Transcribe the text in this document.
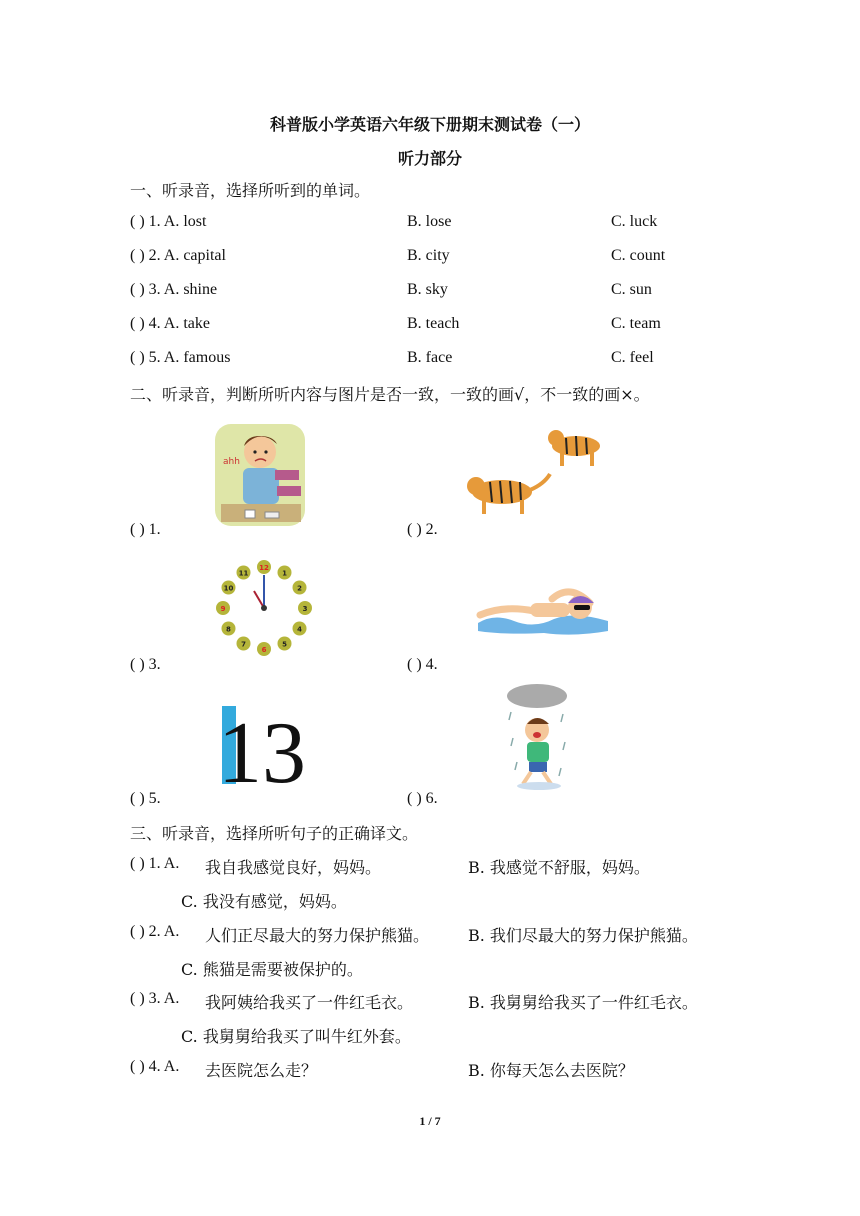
科普版小学英语六年级下册期末测试卷（一）
听力部分
一、听录音，选择所听到的单词。
( ) 1. A. lost	B. lose	C. luck
( ) 2. A. capital	B. city	C. count
( ) 3. A. shine	B. sky	C. sun
( ) 4. A. take	B. teach	C. team
( ) 5. A. famous	B. face	C. feel
二、听录音，判断所听内容与图片是否一致，一致的画√，不一致的画×。
ahh
( ) 1.	( ) 2.
11
10
9
8
7
6
5
4
3
2
1
12
( ) 3.	( ) 4.
13
( ) 5.	( ) 6.
三、听录音，选择所听句子的正确译文。
( ) 1. A. 我自我感觉良好，妈妈。	B. 我感觉不舒服，妈妈。
C. 我没有感觉，妈妈。
( ) 2. A. 人们正尽最大的努力保护熊猫。 B. 我们尽最大的努力保护熊猫。
C. 熊猫是需要被保护的。
( ) 3. A. 我阿姨给我买了一件红毛衣。	B. 我舅舅给我买了一件红毛衣。
C. 我舅舅给我买了叫牛红外套。
( ) 4. A. 去医院怎么走？	B. 你每天怎么去医院？
1 / 7
